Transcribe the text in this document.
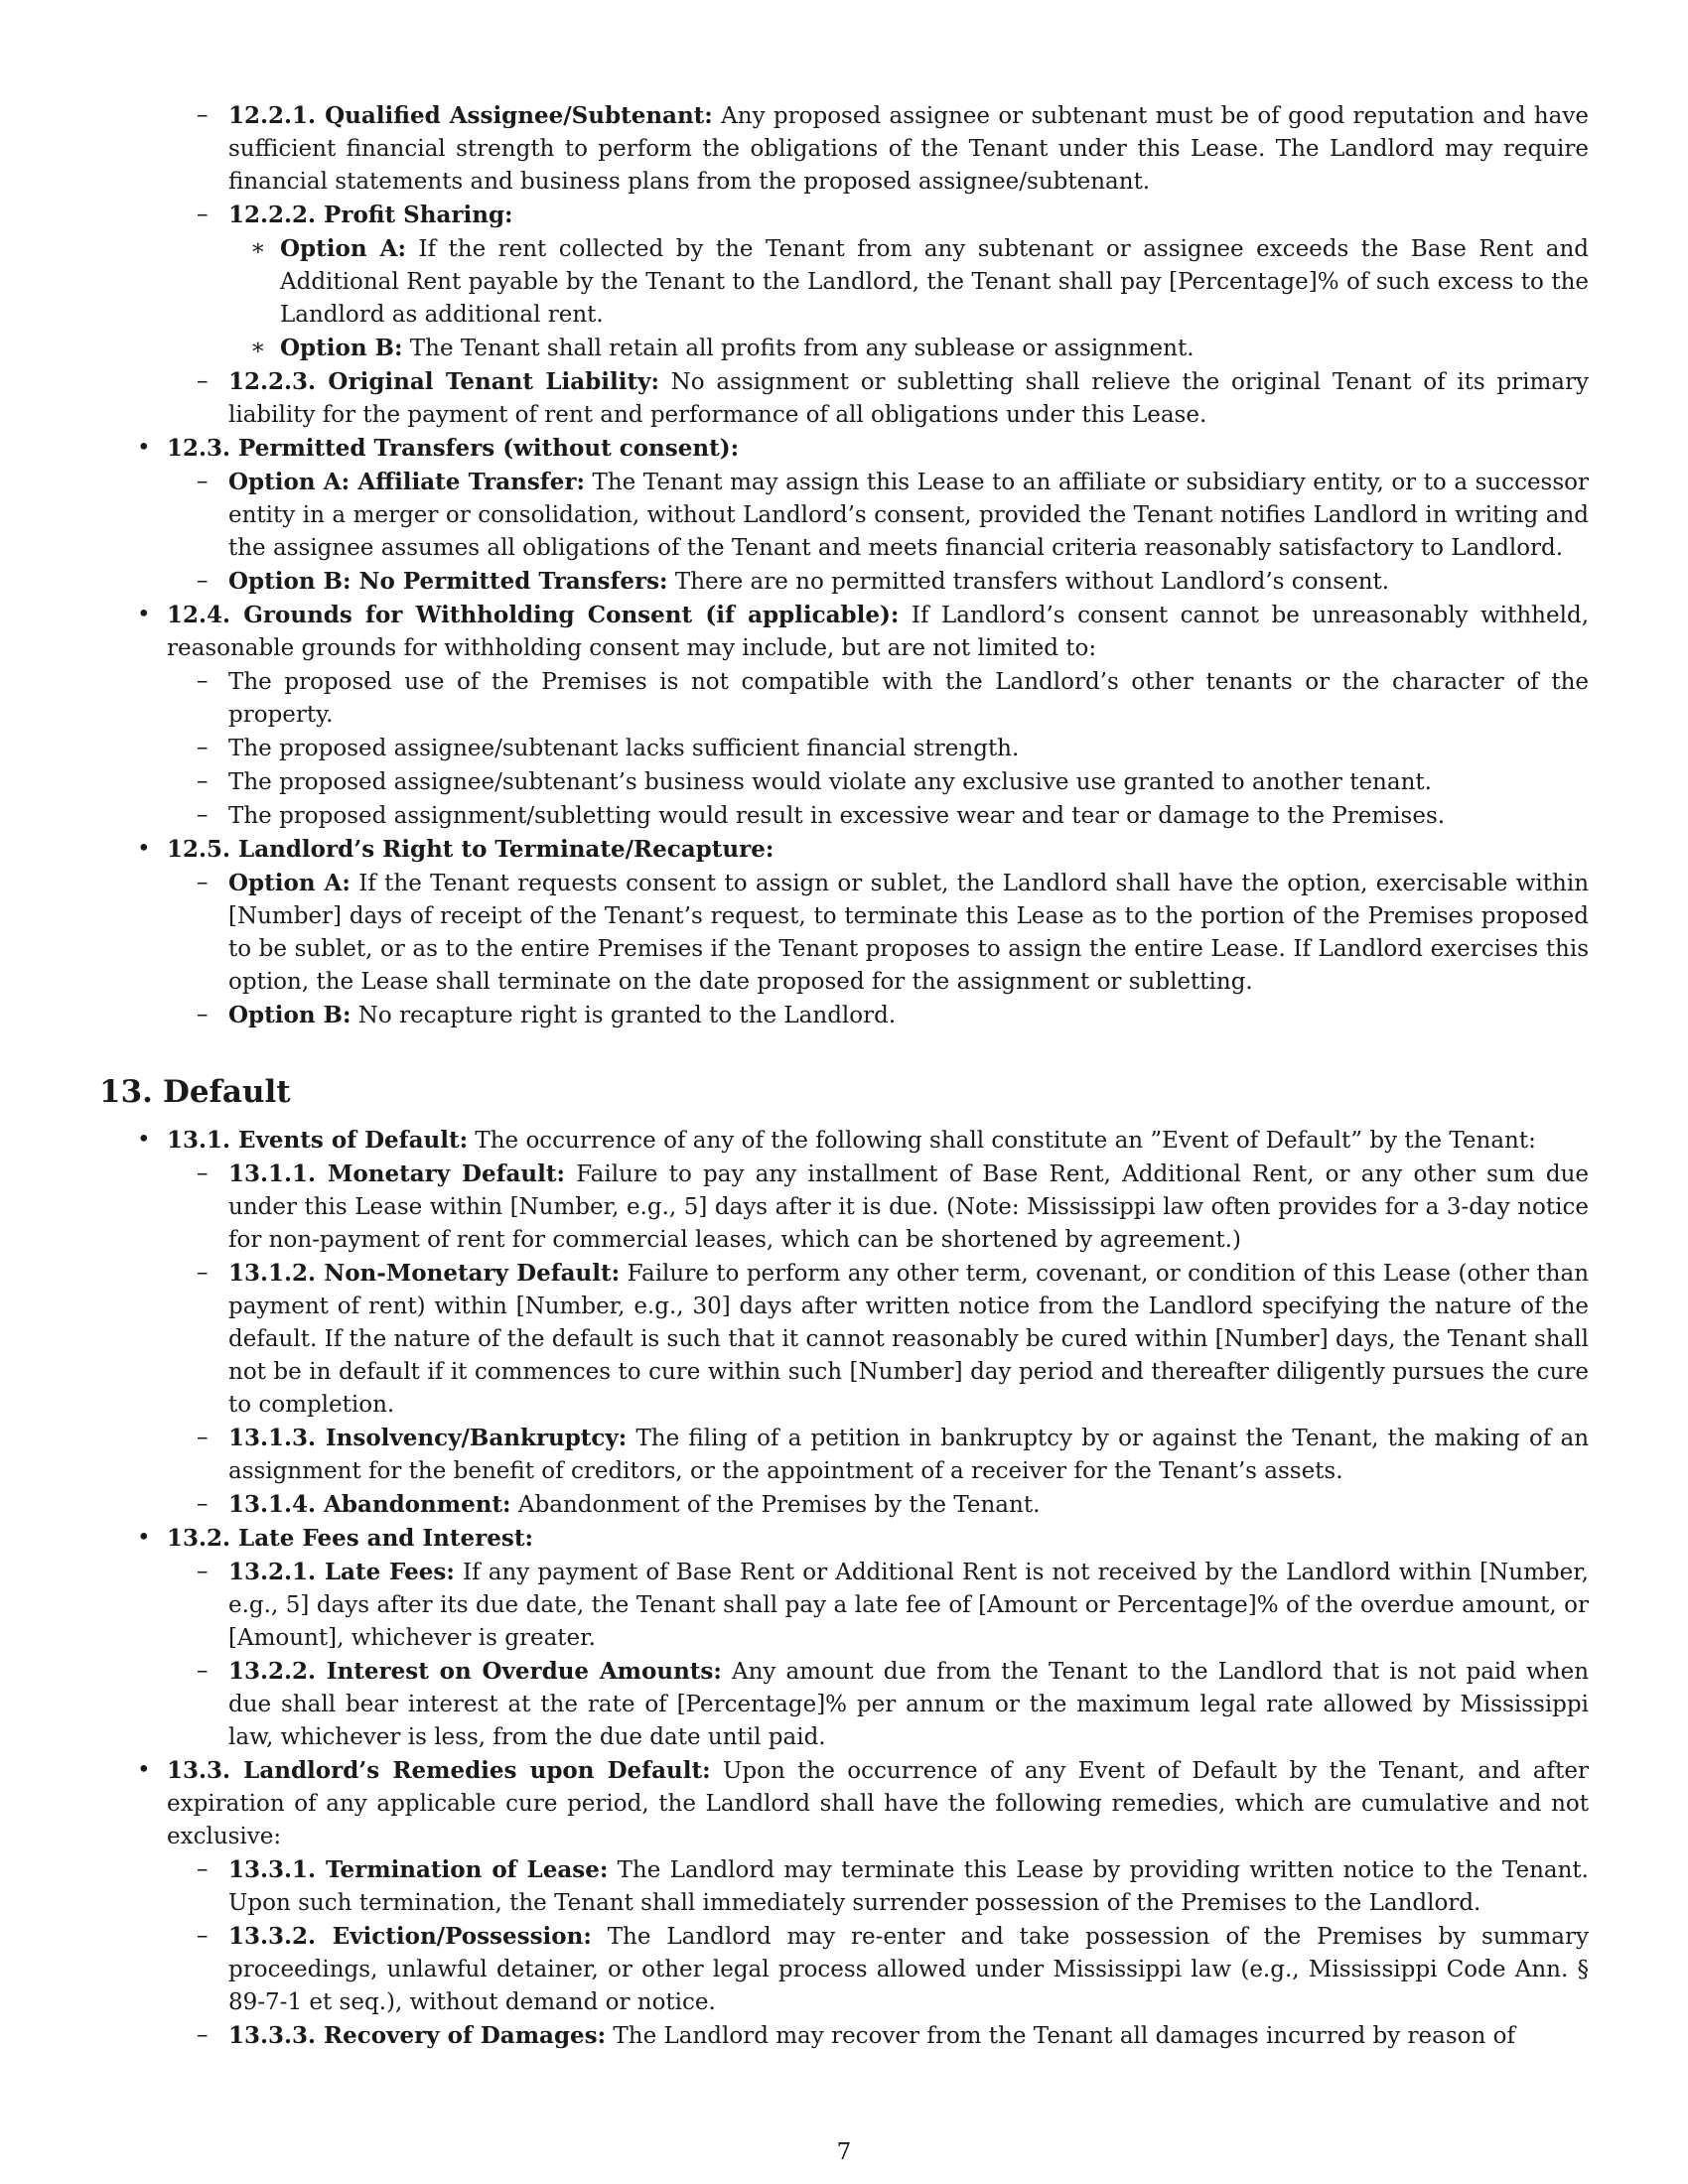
– 12.2.1. Qualified Assignee/Subtenant: Any proposed assignee or subtenant must be of good reputation and have sufficient financial strength to perform the obligations of the Tenant under this Lease. The Landlord may require financial statements and business plans from the proposed assignee/subtenant.
– 12.2.2. Profit Sharing:
∗ Option A: If the rent collected by the Tenant from any subtenant or assignee exceeds the Base Rent and Additional Rent payable by the Tenant to the Landlord, the Tenant shall pay [Percentage]% of such excess to the Landlord as additional rent.
∗ Option B: The Tenant shall retain all profits from any sublease or assignment.
– 12.2.3. Original Tenant Liability: No assignment or subletting shall relieve the original Tenant of its primary liability for the payment of rent and performance of all obligations under this Lease.
• 12.3. Permitted Transfers (without consent):
– Option A: Affiliate Transfer: The Tenant may assign this Lease to an affiliate or subsidiary entity, or to a successor entity in a merger or consolidation, without Landlord’s consent, provided the Tenant notifies Landlord in writing and the assignee assumes all obligations of the Tenant and meets financial criteria reasonably satisfactory to Landlord.
– Option B: No Permitted Transfers: There are no permitted transfers without Landlord’s consent.
• 12.4. Grounds for Withholding Consent (if applicable): If Landlord’s consent cannot be unreasonably withheld, reasonable grounds for withholding consent may include, but are not limited to:
– The proposed use of the Premises is not compatible with the Landlord’s other tenants or the character of the property.
– The proposed assignee/subtenant lacks sufficient financial strength.
– The proposed assignee/subtenant’s business would violate any exclusive use granted to another tenant.
– The proposed assignment/subletting would result in excessive wear and tear or damage to the Premises.
• 12.5. Landlord’s Right to Terminate/Recapture:
– Option A: If the Tenant requests consent to assign or sublet, the Landlord shall have the option, exercisable within [Number] days of receipt of the Tenant’s request, to terminate this Lease as to the portion of the Premises proposed to be sublet, or as to the entire Premises if the Tenant proposes to assign the entire Lease. If Landlord exercises this option, the Lease shall terminate on the date proposed for the assignment or subletting.
– Option B: No recapture right is granted to the Landlord.
13. Default
• 13.1. Events of Default: The occurrence of any of the following shall constitute an ”Event of Default” by the Tenant:
– 13.1.1. Monetary Default: Failure to pay any installment of Base Rent, Additional Rent, or any other sum due under this Lease within [Number, e.g., 5] days after it is due. (Note: Mississippi law often provides for a 3-day notice for non-payment of rent for commercial leases, which can be shortened by agreement.)
– 13.1.2. Non-Monetary Default: Failure to perform any other term, covenant, or condition of this Lease (other than payment of rent) within [Number, e.g., 30] days after written notice from the Landlord specifying the nature of the default. If the nature of the default is such that it cannot reasonably be cured within [Number] days, the Tenant shall not be in default if it commences to cure within such [Number] day period and thereafter diligently pursues the cure to completion.
– 13.1.3. Insolvency/Bankruptcy: The filing of a petition in bankruptcy by or against the Tenant, the making of an assignment for the benefit of creditors, or the appointment of a receiver for the Tenant’s assets.
– 13.1.4. Abandonment: Abandonment of the Premises by the Tenant.
• 13.2. Late Fees and Interest:
– 13.2.1. Late Fees: If any payment of Base Rent or Additional Rent is not received by the Landlord within [Number, e.g., 5] days after its due date, the Tenant shall pay a late fee of [Amount or Percentage]% of the overdue amount, or [Amount], whichever is greater.
– 13.2.2. Interest on Overdue Amounts: Any amount due from the Tenant to the Landlord that is not paid when due shall bear interest at the rate of [Percentage]% per annum or the maximum legal rate allowed by Mississippi law, whichever is less, from the due date until paid.
• 13.3. Landlord’s Remedies upon Default: Upon the occurrence of any Event of Default by the Tenant, and after expiration of any applicable cure period, the Landlord shall have the following remedies, which are cumulative and not exclusive:
– 13.3.1. Termination of Lease: The Landlord may terminate this Lease by providing written notice to the Tenant. Upon such termination, the Tenant shall immediately surrender possession of the Premises to the Landlord.
– 13.3.2. Eviction/Possession: The Landlord may re-enter and take possession of the Premises by summary proceedings, unlawful detainer, or other legal process allowed under Mississippi law (e.g., Mississippi Code Ann. § 89-7-1 et seq.), without demand or notice.
– 13.3.3. Recovery of Damages: The Landlord may recover from the Tenant all damages incurred by reason of
7
